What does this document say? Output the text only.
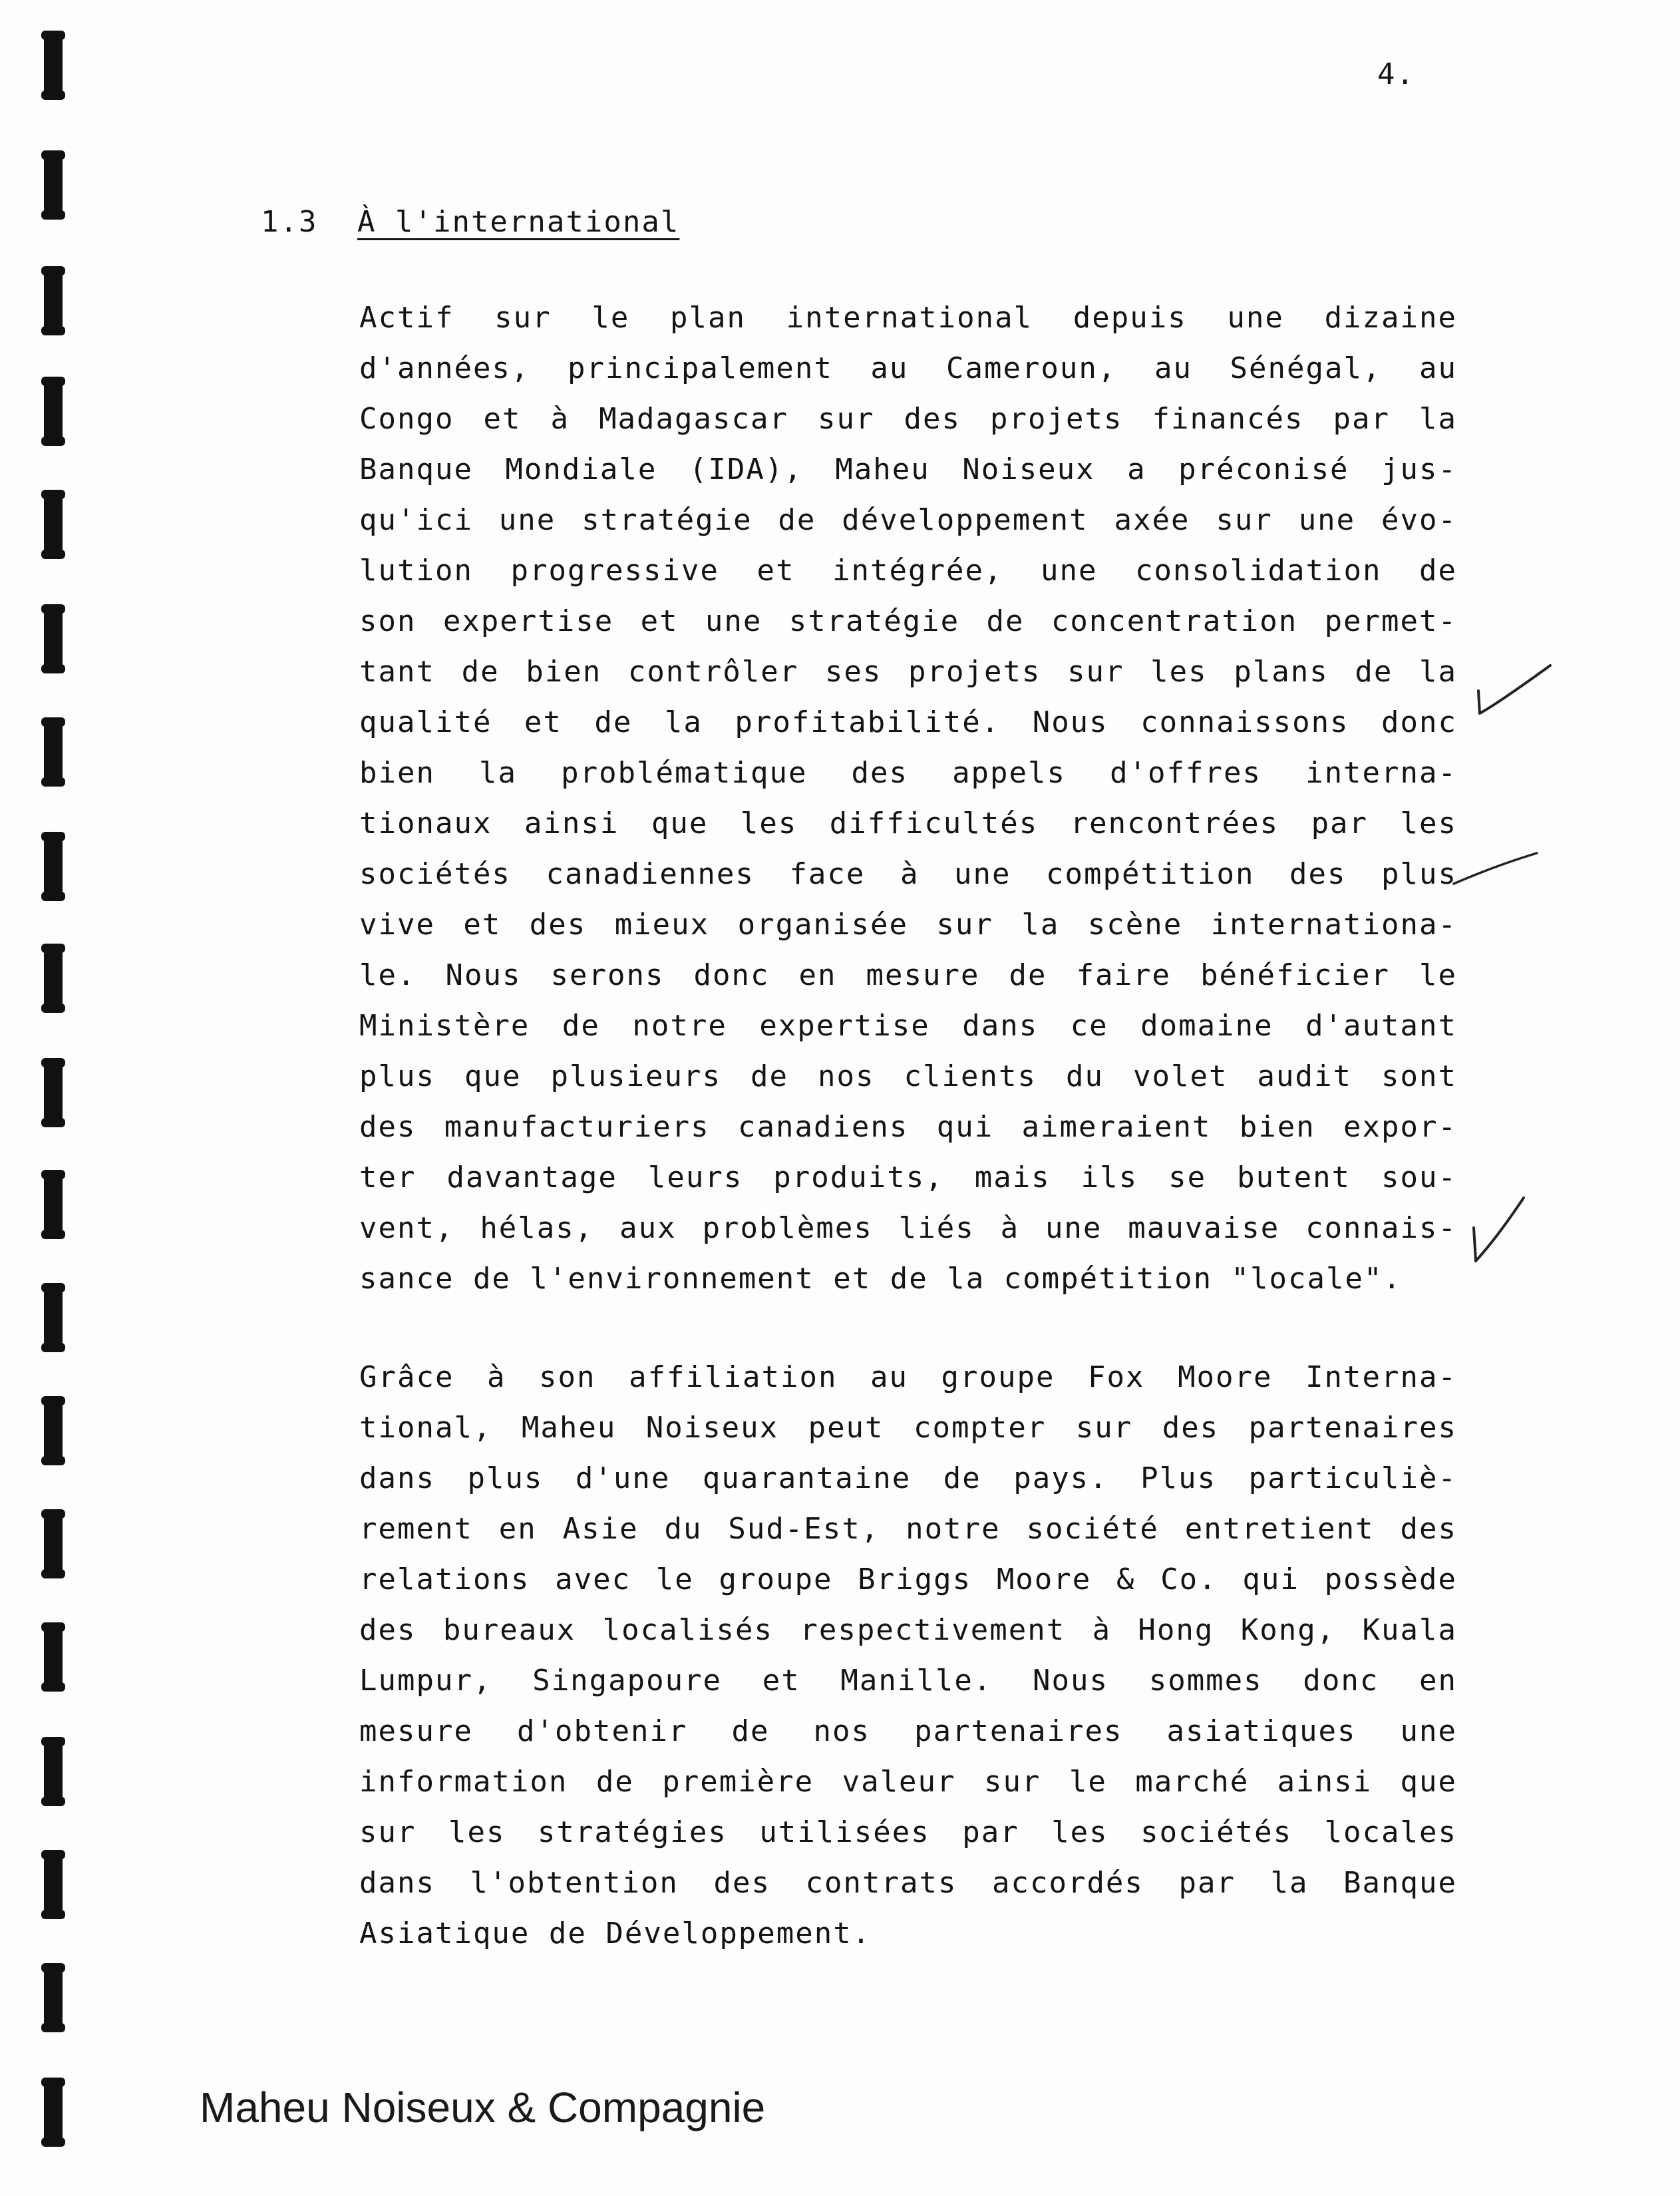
4.
1.3 À l'international
Actif sur le plan international depuis une dizaine
d'années, principalement au Cameroun, au Sénégal, au
Congo et à Madagascar sur des projets financés par la
Banque Mondiale (IDA), Maheu Noiseux a préconisé jus-
qu'ici une stratégie de développement axée sur une évo-
lution progressive et intégrée, une consolidation de
son expertise et une stratégie de concentration permet-
tant de bien contrôler ses projets sur les plans de la
qualité et de la profitabilité. Nous connaissons donc
bien la problématique des appels d'offres interna-
tionaux ainsi que les difficultés rencontrées par les
sociétés canadiennes face à une compétition des plus
vive et des mieux organisée sur la scène internationa-
le. Nous serons donc en mesure de faire bénéficier le
Ministère de notre expertise dans ce domaine d'autant
plus que plusieurs de nos clients du volet audit sont
des manufacturiers canadiens qui aimeraient bien expor-
ter davantage leurs produits, mais ils se butent sou-
vent, hélas, aux problèmes liés à une mauvaise connais-
sance de l'environnement et de la compétition "locale".
Grâce à son affiliation au groupe Fox Moore Interna-
tional, Maheu Noiseux peut compter sur des partenaires
dans plus d'une quarantaine de pays. Plus particuliè-
rement en Asie du Sud-Est, notre société entretient des
relations avec le groupe Briggs Moore & Co. qui possède
des bureaux localisés respectivement à Hong Kong, Kuala
Lumpur, Singapoure et Manille. Nous sommes donc en
mesure d'obtenir de nos partenaires asiatiques une
information de première valeur sur le marché ainsi que
sur les stratégies utilisées par les sociétés locales
dans l'obtention des contrats accordés par la Banque
Asiatique de Développement.
Maheu Noiseux & Compagnie
